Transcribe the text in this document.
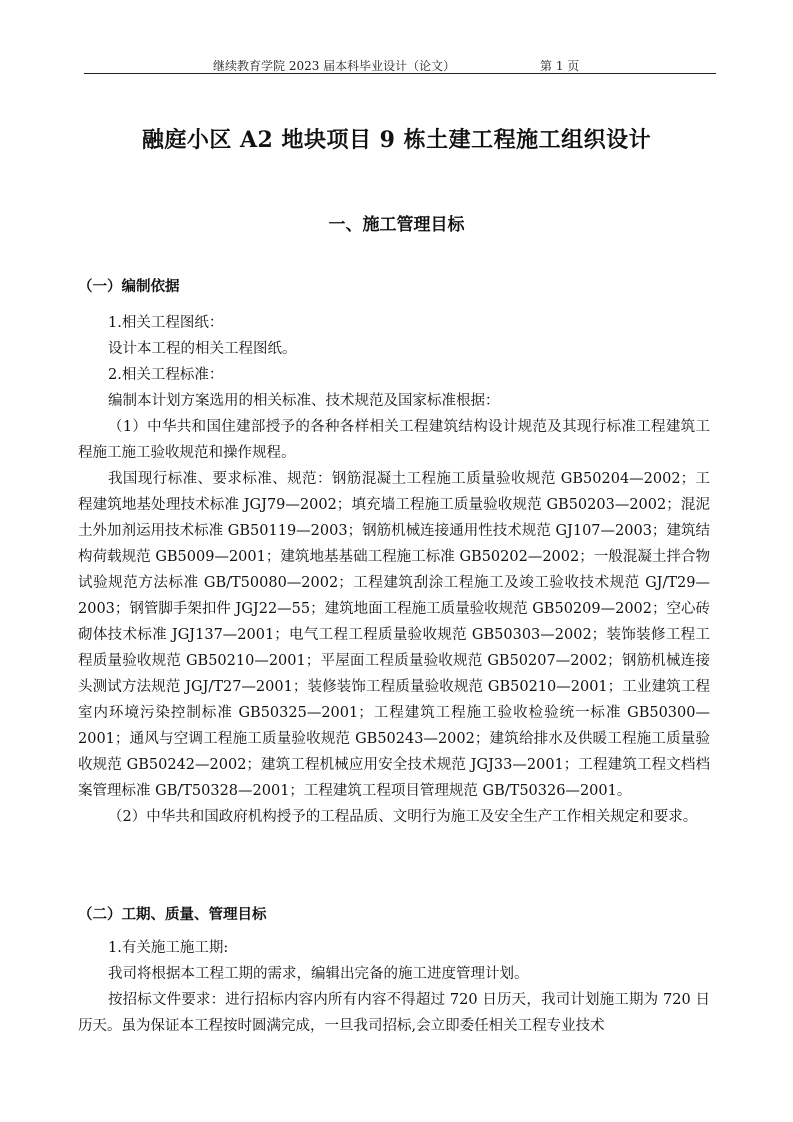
继续教育学院 2023 届本科毕业设计（论文）	第 1 页
融庭小区 A2 地块项目 9 栋土建工程施工组织设计
一、施工管理目标
（一）编制依据

1.相关工程图纸：

设计本工程的相关工程图纸。

2.相关工程标准：

编制本计划方案选用的相关标准、技术规范及国家标准根据：

（1）中华共和国住建部授予的各种各样相关工程建筑结构设计规范及其现行标准工程建筑工程施工施工验收规范和操作规程。

我国现行标准、要求标准、规范：钢筋混凝土工程施工质量验收规范 GB50204—2002；工程建筑地基处理技术标准 JGJ79—2002；填充墙工程施工质量验收规范 GB50203—2002；混泥土外加剂运用技术标准 GB50119—2003；钢筋机械连接通用性技术规范 GJ107—2003；建筑结构荷载规范 GB5009—2001；建筑地基基础工程施工标准 GB50202—2002；一般混凝土拌合物试验规范方法标准 GB/T50080—2002；工程建筑刮涂工程施工及竣工验收技术规范 GJ/T29—2003；钢管脚手架扣件 JGJ22—55；建筑地面工程施工质量验收规范 GB50209—2002；空心砖砌体技术标准 JGJ137—2001；电气工程工程质量验收规范 GB50303—2002；装饰装修工程工程质量验收规范 GB50210—2001；平屋面工程质量验收规范 GB50207—2002；钢筋机械连接头测试方法规范 JGJ/T27—2001；装修装饰工程质量验收规范 GB50210—2001；工业建筑工程室内环境污染控制标准 GB50325—2001；工程建筑工程施工验收检验统一标准 GB50300—2001；通风与空调工程施工质量验收规范 GB50243—2002；建筑给排水及供暖工程施工质量验收规范 GB50242—2002；建筑工程机械应用安全技术规范 JGJ33—2001；工程建筑工程文档档案管理标准 GB/T50328—2001；工程建筑工程项目管理规范 GB/T50326—2001。

（2）中华共和国政府机构授予的工程品质、文明行为施工及安全生产工作相关规定和要求。

（二）工期、质量、管理目标

1.有关施工施工期:

我司将根据本工程工期的需求，编辑出完备的施工进度管理计划。

按招标文件要求：进行招标内容内所有内容不得超过 720 日历天，我司计划施工期为 720 日历天。虽为保证本工程按时圆满完成，一旦我司招标,会立即委任相关工程专业技术
